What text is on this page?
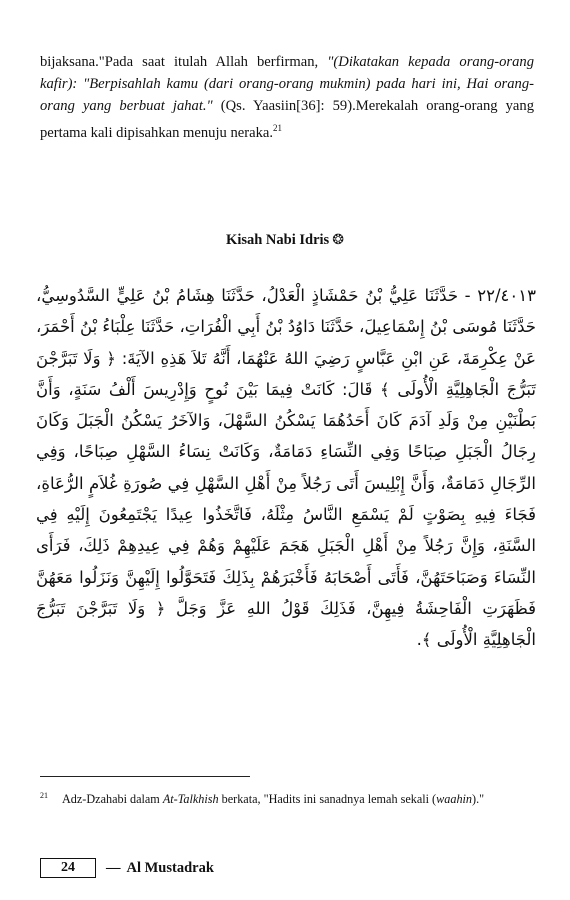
bijaksana."Pada saat itulah Allah berfirman, "(Dikatakan kepada orang-orang kafir): "Berpisahlah kamu (dari orang-orang mukmin) pada hari ini, Hai orang-orang yang berbuat jahat." (Qs. Yaasiin[36]: 59).Merekalah orang-orang yang pertama kali dipisahkan menuju neraka.$^{21}$

Kisah Nabi Idris ❂
٢٢/٤٠١٣ - حَدَّثَنَا عَلِيُّ بْنُ حَمْشَاذٍ الْعَدْلُ، حَدَّثَنَا هِشَامُ بْنُ عَلِيٍّ السَّدُوسِيُّ، حَدَّثَنَا مُوسَى بْنُ إِسْمَاعِيلَ، حَدَّثَنَا دَاوُدُ بْنُ أَبِي الْفُرَاتِ، حَدَّثَنَا عِلْبَاءُ بْنُ أَحْمَرَ، عَنْ عِكْرِمَةَ، عَنِ ابْنِ عَبَّاسٍ رَضِيَ اللهُ عَنْهُمَا، أَنَّهُ تَلاَ هَذِهِ الآيَةَ: ﴿ وَلَا تَبَرَّجْنَ تَبَرُّجَ الْجَاهِلِيَّةِ الْأُولَى ﴾ قَالَ: كَانَتْ فِيمَا بَيْنَ نُوحٍ وَإِدْرِيسَ أَلْفُ سَنَةٍ، وَأَنَّ بَطْنَيْنِ مِنْ وَلَدِ آدَمَ كَانَ أَحَدُهُمَا يَسْكُنُ السَّهْلَ، وَالآخَرُ يَسْكُنُ الْجَبَلَ وَكَانَ رِجَالُ الْجَبَلِ صِبَاحًا وَفِي النِّسَاءِ دَمَامَةٌ، وَكَانَتْ نِسَاءُ السَّهْلِ صِبَاحًا، وَفِي الرِّجَالِ دَمَامَةٌ، وَأَنَّ إِبْلِيسَ أَتَى رَجُلاً مِنْ أَهْلِ السَّهْلِ فِي صُورَةِ غُلاَمٍ الرُّعَاةِ، فَجَاءَ فِيهِ بِصَوْتٍ لَمْ يَسْمَعِ النَّاسُ مِثْلَهُ، فَاتَّخَذُوا عِيدًا يَجْتَمِعُونَ إِلَيْهِ فِي السَّنَةِ، وَإِنَّ رَجُلاً مِنْ أَهْلِ الْجَبَلِ هَجَمَ عَلَيْهِمْ وَهُمْ فِي عِيدِهِمْ ذَلِكَ، فَرَأَى النِّسَاءَ وَصَبَاحَتَهُنَّ، فَأَتَى أَصْحَابَهُ فَأَخْبَرَهُمْ بِذَلِكَ فَتَحَوَّلُوا إِلَيْهِنَّ وَنَزَلُوا مَعَهُنَّ فَظَهَرَتِ الْفَاحِشَةُ فِيهِنَّ، فَذَلِكَ قَوْلُ اللهِ عَزَّ وَجَلَّ ﴿ وَلَا تَبَرَّجْنَ تَبَرُّجَ الْجَاهِلِيَّةِ الْأُولَى ﴾.
$^{21}$ Adz-Dzahabi dalam At-Talkhish berkata, "Hadits ini sanadnya lemah sekali (waahin)."
24	— Al Mustadrak
